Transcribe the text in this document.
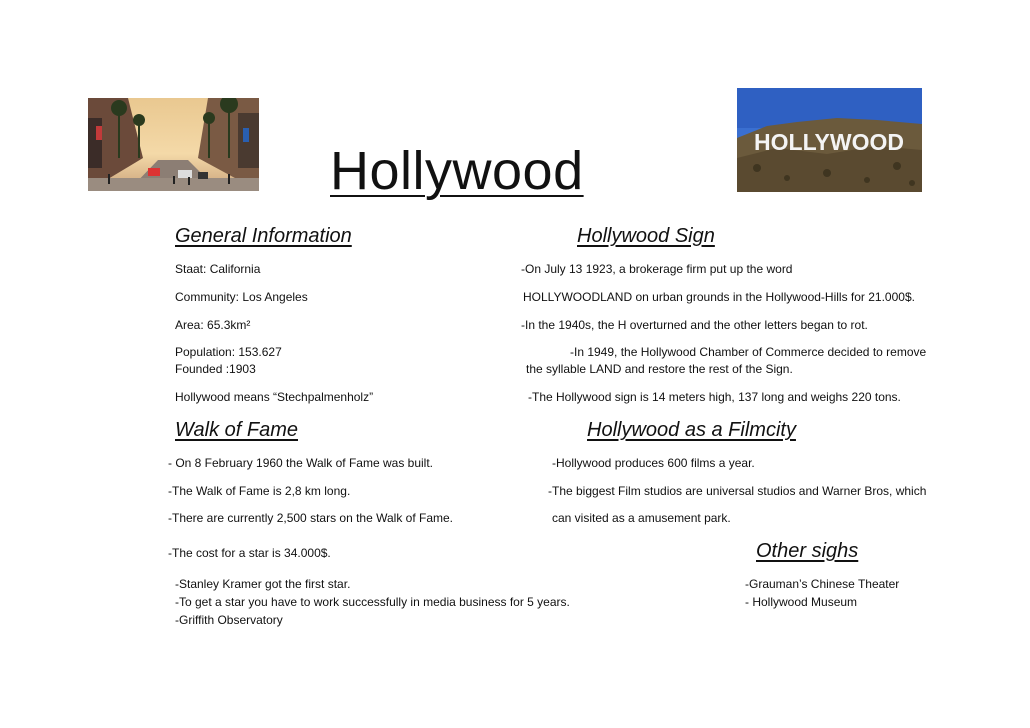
HOLLYWOOD
Hollywood
General Information
Staat: California
Community: Los Angeles
Area: 65.3km²
Population: 153.627
Founded :1903
Hollywood means “Stechpalmenholz”
Hollywood Sign
-On July 13 1923, a brokerage firm put up the word
HOLLYWOODLAND on urban grounds in the Hollywood-Hills for 21.000$.
-In the 1940s, the H overturned and the other letters began to rot.
-In 1949, the Hollywood Chamber of Commerce decided to remove
the syllable LAND and restore the rest of the Sign.
-The Hollywood sign is 14 meters high, 137 long and weighs 220 tons.
Walk of Fame
- On 8 February 1960 the Walk of Fame was built.
-The Walk of Fame is 2,8 km long.
-There are currently 2,500 stars on the Walk of Fame.
-The cost for a star is 34.000$.
-Stanley Kramer got the first star.
-To get a star you have to work successfully in media business for 5 years.
-Griffith Observatory
Hollywood as a Filmcity
-Hollywood produces 600 films a year.
-The biggest Film studios are universal studios and Warner Bros, which
can visited as a amusement park.
Other sighs
-Grauman’s Chinese Theater
- Hollywood Museum
